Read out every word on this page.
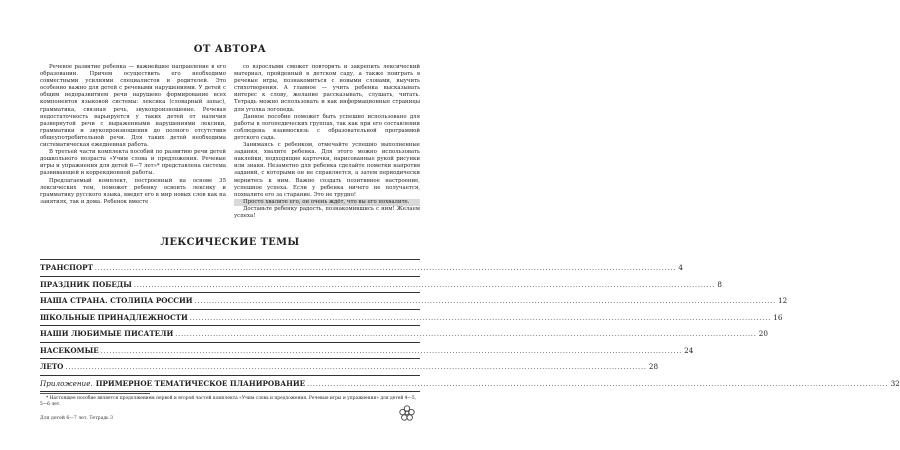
ОТ АВТОРА

Речевое развитие ребенка — важнейшее направление в его образовании. Причем осуществить его необходимо совместными усилиями специалистов и родителей. Это особенно важно для детей с речевыми нарушениями. У детей с общим недоразвитием речи нарушено формирование всех компонентов языковой системы: лексика (словарный запас), грамматика, связная речь, звукопроизношение. Речевая недостаточность варьируется у таких детей от наличия развернутой речи с выраженными нарушениями лексики, грамматики и звукопроизношения до полного отсутствия общеупотребительной речи. Для таких детей необходима систематическая ежедневная работа.

В третьей части комплекта пособий по развитию речи детей дошкольного возраста «Учим слова и предложения. Речевые игры и упражнения для детей 6—7 лет»* представлена система развивающей и коррекционной работы.

Предлагаемый комплект, построенный на основе 35 лексических тем, поможет ребенку освоить лексику и грамматику русского языка, введет его в мир новых слов как на занятиях, так и дома. Ребенок вместе

со взрослыми сможет повторить и закрепить лексический материал, пройденный в детском саду, а также поиграть в речевые игры, познакомиться с новыми словами, выучить стихотворения. А главное — учить ребенка высказывать интерес к слову, желание рассказывать, слушать, читать. Тетрадь можно использовать и как информационные страницы для уголка логопеда.

Данное пособие поможет быть успешно использовано для работы в логопедических группах, так как при его составлении соблюдена взаимосвязь с образовательной программой детского сада.

Занимаясь с ребенком, отмечайте успешно выполненные задания, хвалите ребенка. Для этого можно использовать наклейки, подходящие карточки, нарисованные рукой рисунки или знаки. Незаметно для ребенка сделайте пометки напротив заданий, с которыми он не справляется, а затем периодически вернитесь к ним. Важно создать позитивное настроение, успешное успеха. Если у ребенка ничего не получается, похвалите его за старание. Это не трудно!

Просто хвалите его, он очень ждёт, что вы его похвалите.

Доставьте ребенку радость, познакомившись с ним! Желаем успеха!

ЛЕКСИЧЕСКИЕ ТЕМЫ
ТРАНСПОРТ ........................................................................................................................................................................................................ 4
ПРАЗДНИК ПОБЕДЫ ........................................................................................................................................................................................................ 8
НАША СТРАНА. СТОЛИЦА РОССИИ ........................................................................................................................................................................................................ 12
ШКОЛЬНЫЕ ПРИНАДЛЕЖНОСТИ ........................................................................................................................................................................................................ 16
НАШИ ЛЮБИМЫЕ ПИСАТЕЛИ ........................................................................................................................................................................................................ 20
НАСЕКОМЫЕ ........................................................................................................................................................................................................ 24
ЛЕТО ........................................................................................................................................................................................................ 28
Приложение. ПРИМЕРНОЕ ТЕМАТИЧЕСКОЕ ПЛАНИРОВАНИЕ ........................................................................................................................................................................................................ 32

* Настоящее пособие является продолжением первой и второй частей комплекта «Учим слова и предложения. Речевые игры и упражнения» для детей 4—5, 5—6 лет.

Для детей 6—7 лет. Тетрадь 3
